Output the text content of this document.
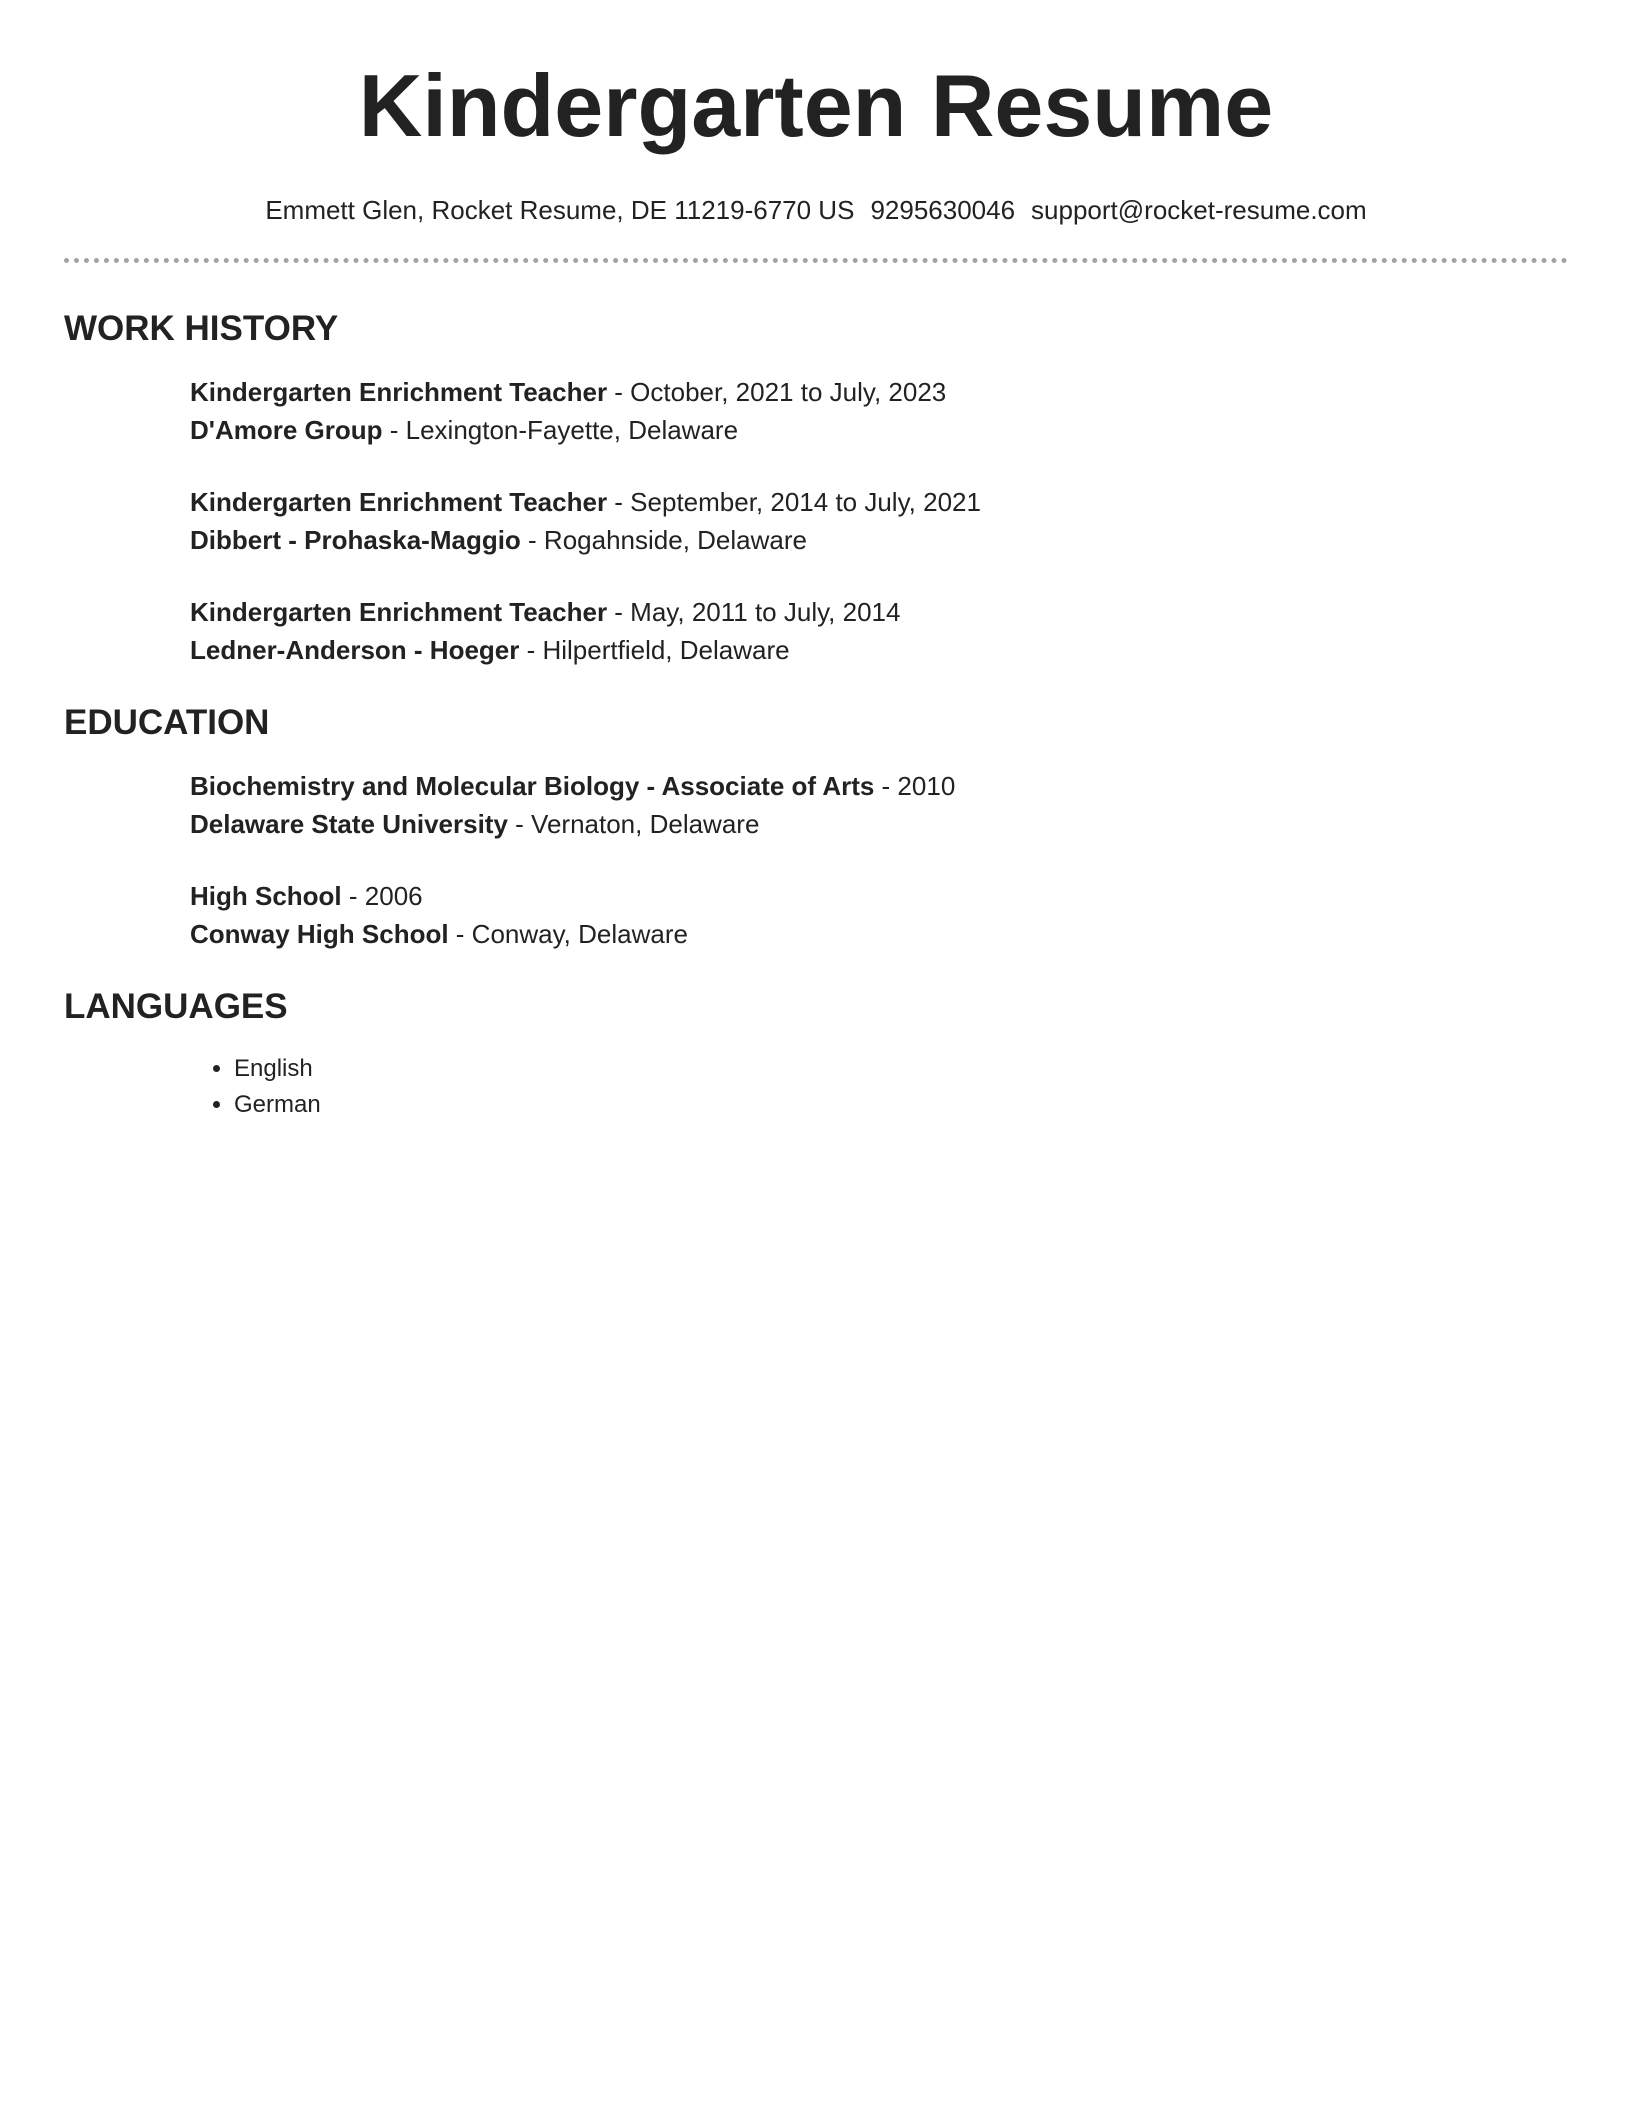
Kindergarten Resume
Emmett Glen, Rocket Resume, DE 11219-6770 US 9295630046 support@rocket-resume.com
WORK HISTORY
Kindergarten Enrichment Teacher - October, 2021 to July, 2023
D'Amore Group - Lexington-Fayette, Delaware
Kindergarten Enrichment Teacher - September, 2014 to July, 2021
Dibbert - Prohaska-Maggio - Rogahnside, Delaware
Kindergarten Enrichment Teacher - May, 2011 to July, 2014
Ledner-Anderson - Hoeger - Hilpertfield, Delaware
EDUCATION
Biochemistry and Molecular Biology - Associate of Arts - 2010
Delaware State University - Vernaton, Delaware
High School - 2006
Conway High School - Conway, Delaware
LANGUAGES
• English
• German
